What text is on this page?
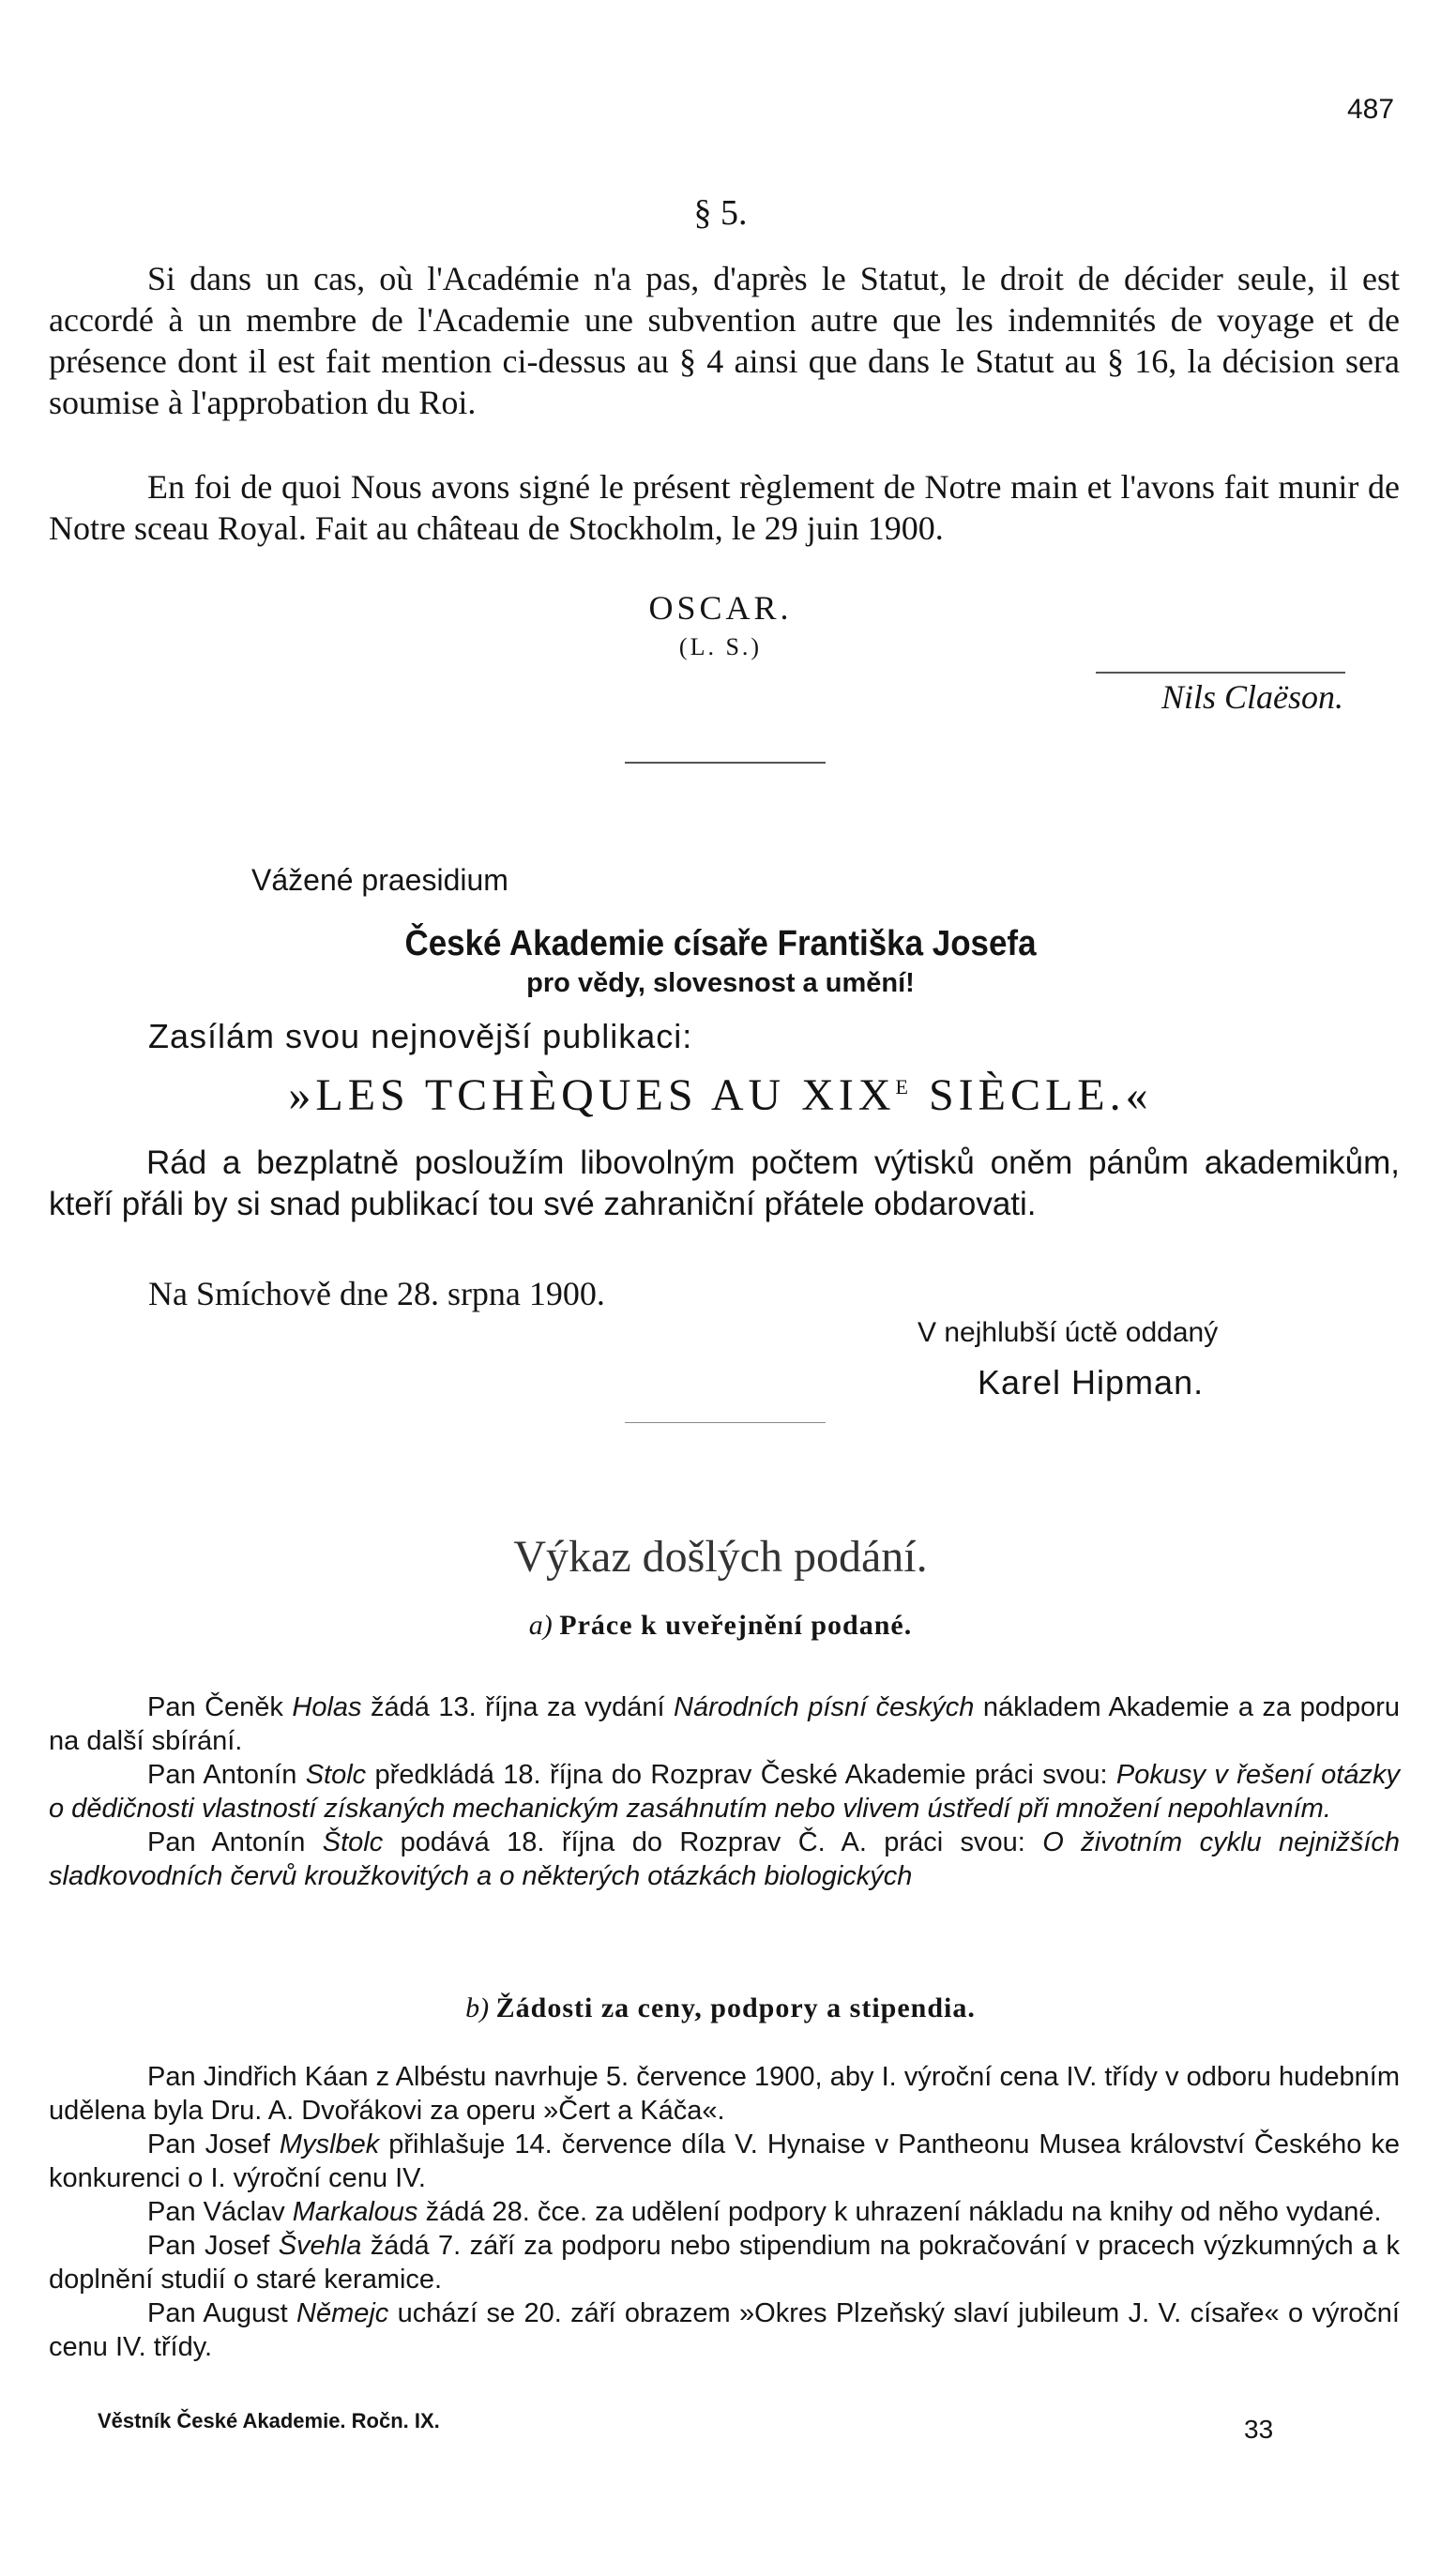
487
§ 5.
Si dans un cas, où l'Académie n'a pas, d'après le Statut, le droit de décider seule, il est accordé à un membre de l'Academie une subvention autre que les indemnités de voyage et de présence dont il est fait mention ci-dessus au § 4 ainsi que dans le Statut au § 16, la décision sera soumise à l'approbation du Roi.
En foi de quoi Nous avons signé le présent règlement de Notre main et l'avons fait munir de Notre sceau Royal. Fait au château de Stockholm, le 29 juin 1900.
OSCAR.
(L. S.)
Nils Claëson.
Vážené praesidium
České Akademie císaře Františka Josefa
pro vědy, slovesnost a umění!
Zasílám svou nejnovější publikaci:
»LES TCHÈQUES AU $XIX^E$ SIÈCLE.«
Rád a bezplatně posloužím libovolným počtem výtisků oněm pánům akademikům, kteří přáli by si snad publikací tou své zahraniční přátele obdarovati.
Na Smíchově dne 28. srpna 1900.
V nejhlubší úctě oddaný
Karel Hipman.
Výkaz došlých podání.
a) Práce k uveřejnění podané.
Pan Čeněk Holas žádá 13. října za vydání Národních písní českých nákladem Akademie a za podporu na další sbírání.
Pan Antonín Stolc předkládá 18. října do Rozprav České Akademie práci svou: Pokusy v řešení otázky o dědičnosti vlastností získaných mechanickým zasáhnutím nebo vlivem ústředí při množení nepohlavním.
Pan Antonín Štolc podává 18. října do Rozprav Č. A. práci svou: O životním cyklu nejnižších sladkovodních červů kroužkovitých a o některých otázkách biologických
b) Žádosti za ceny, podpory a stipendia.
Pan Jindřich Káan z Albéstu navrhuje 5. července 1900, aby I. výroční cena IV. třídy v odboru hudebním udělena byla Dru. A. Dvořákovi za operu »Čert a Káča«.
Pan Josef Myslbek přihlašuje 14. července díla V. Hynaise v Pantheonu Musea království Českého ke konkurenci o I. výroční cenu IV.
Pan Václav Markalous žádá 28. čce. za udělení podpory k uhrazení nákladu na knihy od něho vydané.
Pan Josef Švehla žádá 7. září za podporu nebo stipendium na pokračování v pracech výzkumných a k doplnění studií o staré keramice.
Pan August Němejc uchází se 20. září obrazem »Okres Plzeňský slaví jubileum J. V. císaře« o výroční cenu IV. třídy.
Věstník České Akademie. Ročn. IX.	33
